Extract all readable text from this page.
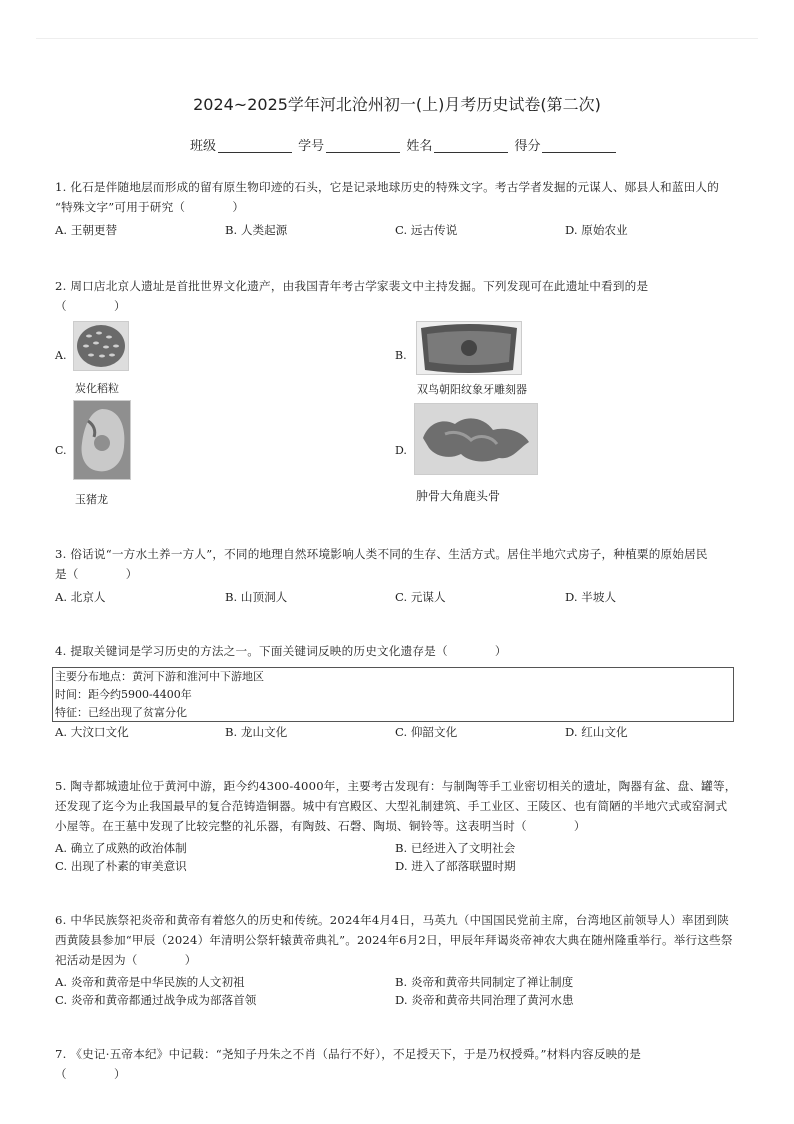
2024~2025学年河北沧州初一(上)月考历史试卷(第二次)
班级	学号	姓名	得分
1. 化石是伴随地层而形成的留有原生物印迹的石头，它是记录地球历史的特殊文字。考古学者发掘的元谋人、郧县人和蓝田人的
“特殊文字”可用于研究（　　　　）
A. 王朝更替	B. 人类起源	C. 远古传说	D. 原始农业
2. 周口店北京人遗址是首批世界文化遗产，由我国青年考古学家裴文中主持发掘。下列发现可在此遗址中看到的是
（　　　　）
A.
炭化稻粒
B.
双鸟朝阳纹象牙雕刻器
C.
玉猪龙
D.
肿骨大角鹿头骨
3. 俗话说“一方水土养一方人”，不同的地理自然环境影响人类不同的生存、生活方式。居住半地穴式房子，种植粟的原始居民
是（　　　　）
A. 北京人	B. 山顶洞人	C. 元谋人	D. 半坡人
4. 提取关键词是学习历史的方法之一。下面关键词反映的历史文化遗存是（　　　　）
主要分布地点：黄河下游和淮河中下游地区
时间：距今约5900-4400年
特征：已经出现了贫富分化
A. 大汶口文化	B. 龙山文化	C. 仰韶文化	D. 红山文化
5. 陶寺都城遗址位于黄河中游，距今约4300-4000年，主要考古发现有：与制陶等手工业密切相关的遗址，陶器有盆、盘、罐等，
还发现了迄今为止我国最早的复合范铸造铜器。城中有宫殿区、大型礼制建筑、手工业区、王陵区、也有简陋的半地穴式或窑洞式
小屋等。在王墓中发现了比较完整的礼乐器，有陶鼓、石磬、陶埙、铜铃等。这表明当时（　　　　）
A. 确立了成熟的政治体制	B. 已经进入了文明社会
C. 出现了朴素的审美意识	D. 进入了部落联盟时期
6. 中华民族祭祀炎帝和黄帝有着悠久的历史和传统。2024年4月4日，马英九（中国国民党前主席，台湾地区前领导人）率团到陕
西黄陵县参加“甲辰（2024）年清明公祭轩辕黄帝典礼”。2024年6月2日，甲辰年拜谒炎帝神农大典在随州隆重举行。举行这些祭
祀活动是因为（　　　　）
A. 炎帝和黄帝是中华民族的人文初祖	B. 炎帝和黄帝共同制定了禅让制度
C. 炎帝和黄帝都通过战争成为部落首领	D. 炎帝和黄帝共同治理了黄河水患
7. 《史记·五帝本纪》中记载：“尧知子丹朱之不肖（品行不好），不足授天下，于是乃权授舜。”材料内容反映的是
（　　　　）
